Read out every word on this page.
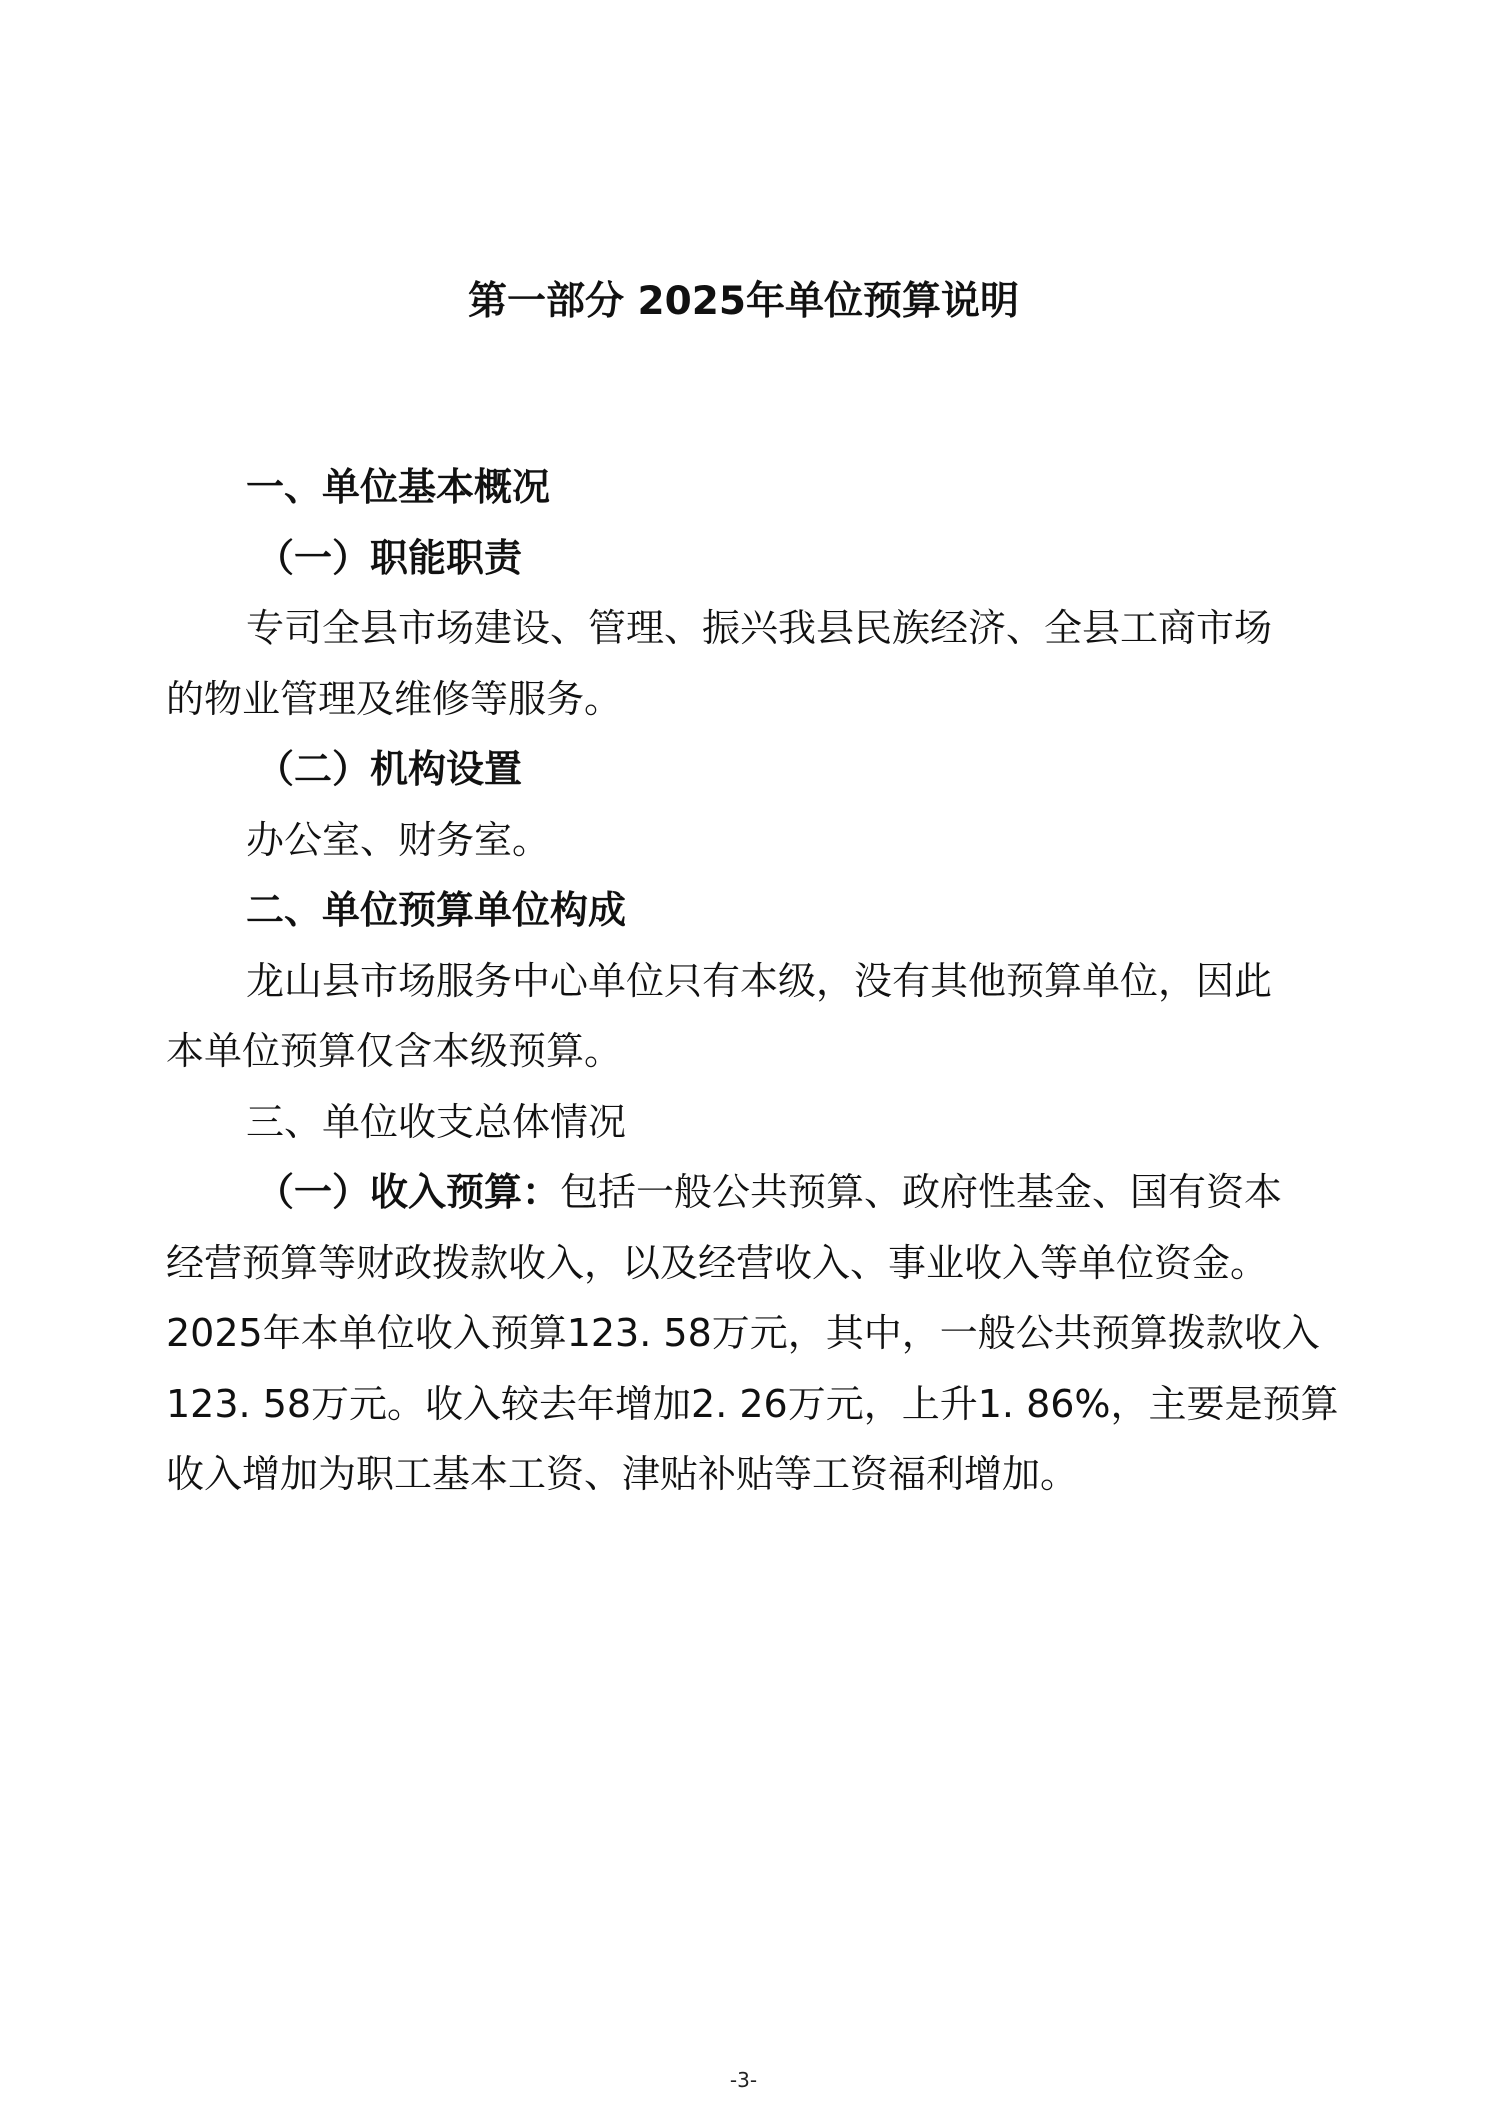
第一部分 2025年单位预算说明
一、单位基本概况
（一）职能职责
专司全县市场建设、管理、振兴我县民族经济、全县工商市场
的物业管理及维修等服务。
（二）机构设置
办公室、财务室。
二、单位预算单位构成
龙山县市场服务中心单位只有本级，没有其他预算单位，因此
本单位预算仅含本级预算。
三、单位收支总体情况
（一）收入预算：包括一般公共预算、政府性基金、国有资本
经营预算等财政拨款收入，以及经营收入、事业收入等单位资金。
2025年本单位收入预算123. 58万元，其中，一般公共预算拨款收入
123. 58万元。收入较去年增加2. 26万元，上升1. 86%，主要是预算
收入增加为职工基本工资、津贴补贴等工资福利增加。
-3-
